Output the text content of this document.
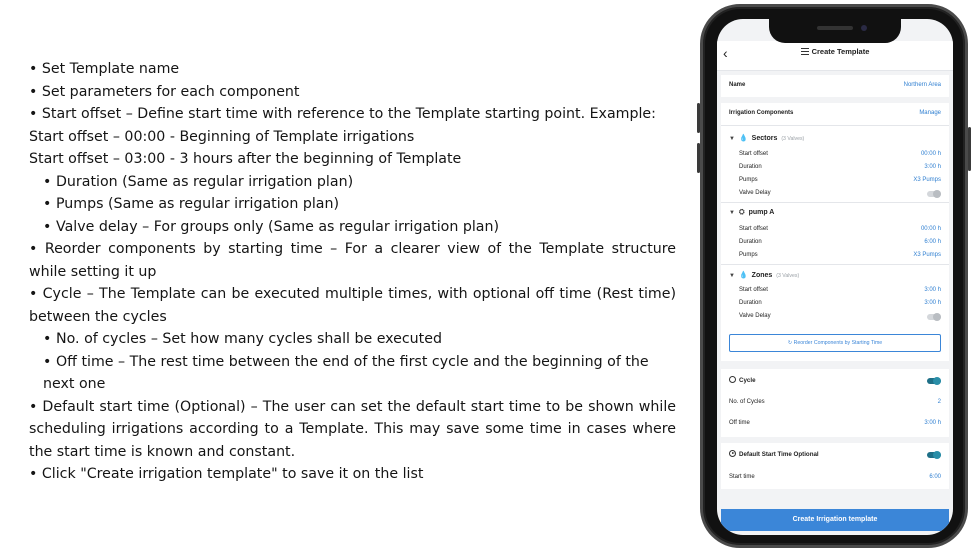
• Set Template name
• Set parameters for each component
• Start offset – Define start time with reference to the Template starting point. Example:
Start offset – 00:00 - Beginning of Template irrigations
Start offset – 03:00 - 3 hours after the beginning of Template
• Duration (Same as regular irrigation plan)
• Pumps (Same as regular irrigation plan)
• Valve delay – For groups only (Same as regular irrigation plan)
• Reorder components by starting time – For a clearer view of the Template structure while setting it up
• Cycle – The Template can be executed multiple times, with optional off time (Rest time) between the cycles
• No. of cycles – Set how many cycles shall be executed
• Off time – The rest time between the end of the first cycle and the beginning of the next one
• Default start time (Optional) – The user can set the default start time to be shown while scheduling irrigations according to a Template. This may save some time in cases where the start time is known and constant.
• Click "Create irrigation template" to save it on the list
‹	Create Template
Name	Northern Area
Irrigation Components	Manage
▼ 💧 Sectors (3 Valves)
Start offset	00:00 h
Duration	3:00 h
Pumps	X3 Pumps
Valve Delay
▼ ⛭ pump A
Start offset	00:00 h
Duration	6:00 h
Pumps	X3 Pumps
▼ 💧 Zones (3 Valves)
Start offset	3:00 h
Duration	3:00 h
Valve Delay
↻ Reorder Components by Starting Time
Cycle
No. of Cycles	2
Off time	3:00 h
Default Start Time Optional
Start time	6:00
Create Irrigation template
